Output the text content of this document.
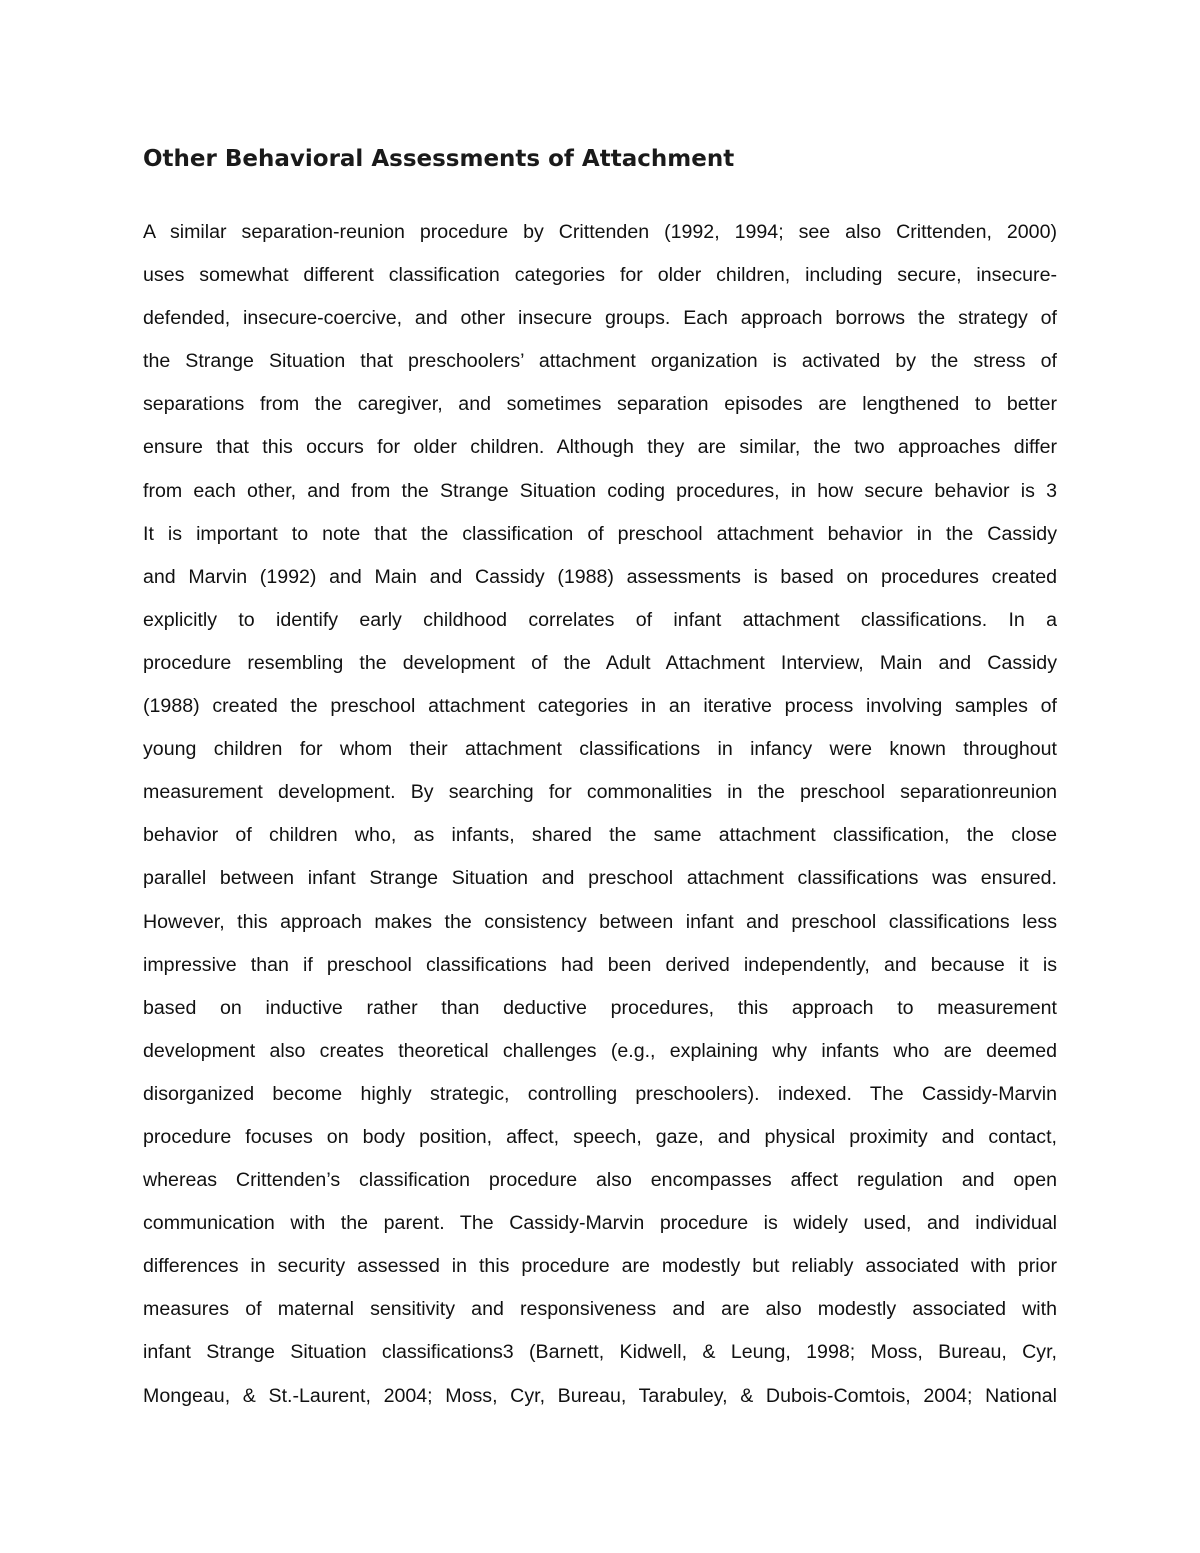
Other Behavioral Assessments of Attachment
A similar separation-reunion procedure by Crittenden (1992, 1994; see also Crittenden, 2000)
uses somewhat different classification categories for older children, including secure, insecure-
defended, insecure-coercive, and other insecure groups. Each approach borrows the strategy of
the Strange Situation that preschoolers’ attachment organization is activated by the stress of
separations from the caregiver, and sometimes separation episodes are lengthened to better
ensure that this occurs for older children. Although they are similar, the two approaches differ
from each other, and from the Strange Situation coding procedures, in how secure behavior is 3
It is important to note that the classification of preschool attachment behavior in the Cassidy
and Marvin (1992) and Main and Cassidy (1988) assessments is based on procedures created
explicitly to identify early childhood correlates of infant attachment classifications. In a
procedure resembling the development of the Adult Attachment Interview, Main and Cassidy
(1988) created the preschool attachment categories in an iterative process involving samples of
young children for whom their attachment classifications in infancy were known throughout
measurement development. By searching for commonalities in the preschool separationreunion
behavior of children who, as infants, shared the same attachment classification, the close
parallel between infant Strange Situation and preschool attachment classifications was ensured.
However, this approach makes the consistency between infant and preschool classifications less
impressive than if preschool classifications had been derived independently, and because it is
based on inductive rather than deductive procedures, this approach to measurement
development also creates theoretical challenges (e.g., explaining why infants who are deemed
disorganized become highly strategic, controlling preschoolers). indexed. The Cassidy-Marvin
procedure focuses on body position, affect, speech, gaze, and physical proximity and contact,
whereas Crittenden’s classification procedure also encompasses affect regulation and open
communication with the parent. The Cassidy-Marvin procedure is widely used, and individual
differences in security assessed in this procedure are modestly but reliably associated with prior
measures of maternal sensitivity and responsiveness and are also modestly associated with
infant Strange Situation classifications3 (Barnett, Kidwell, & Leung, 1998; Moss, Bureau, Cyr,
Mongeau, & St.-Laurent, 2004; Moss, Cyr, Bureau, Tarabuley, & Dubois-Comtois, 2004; National
